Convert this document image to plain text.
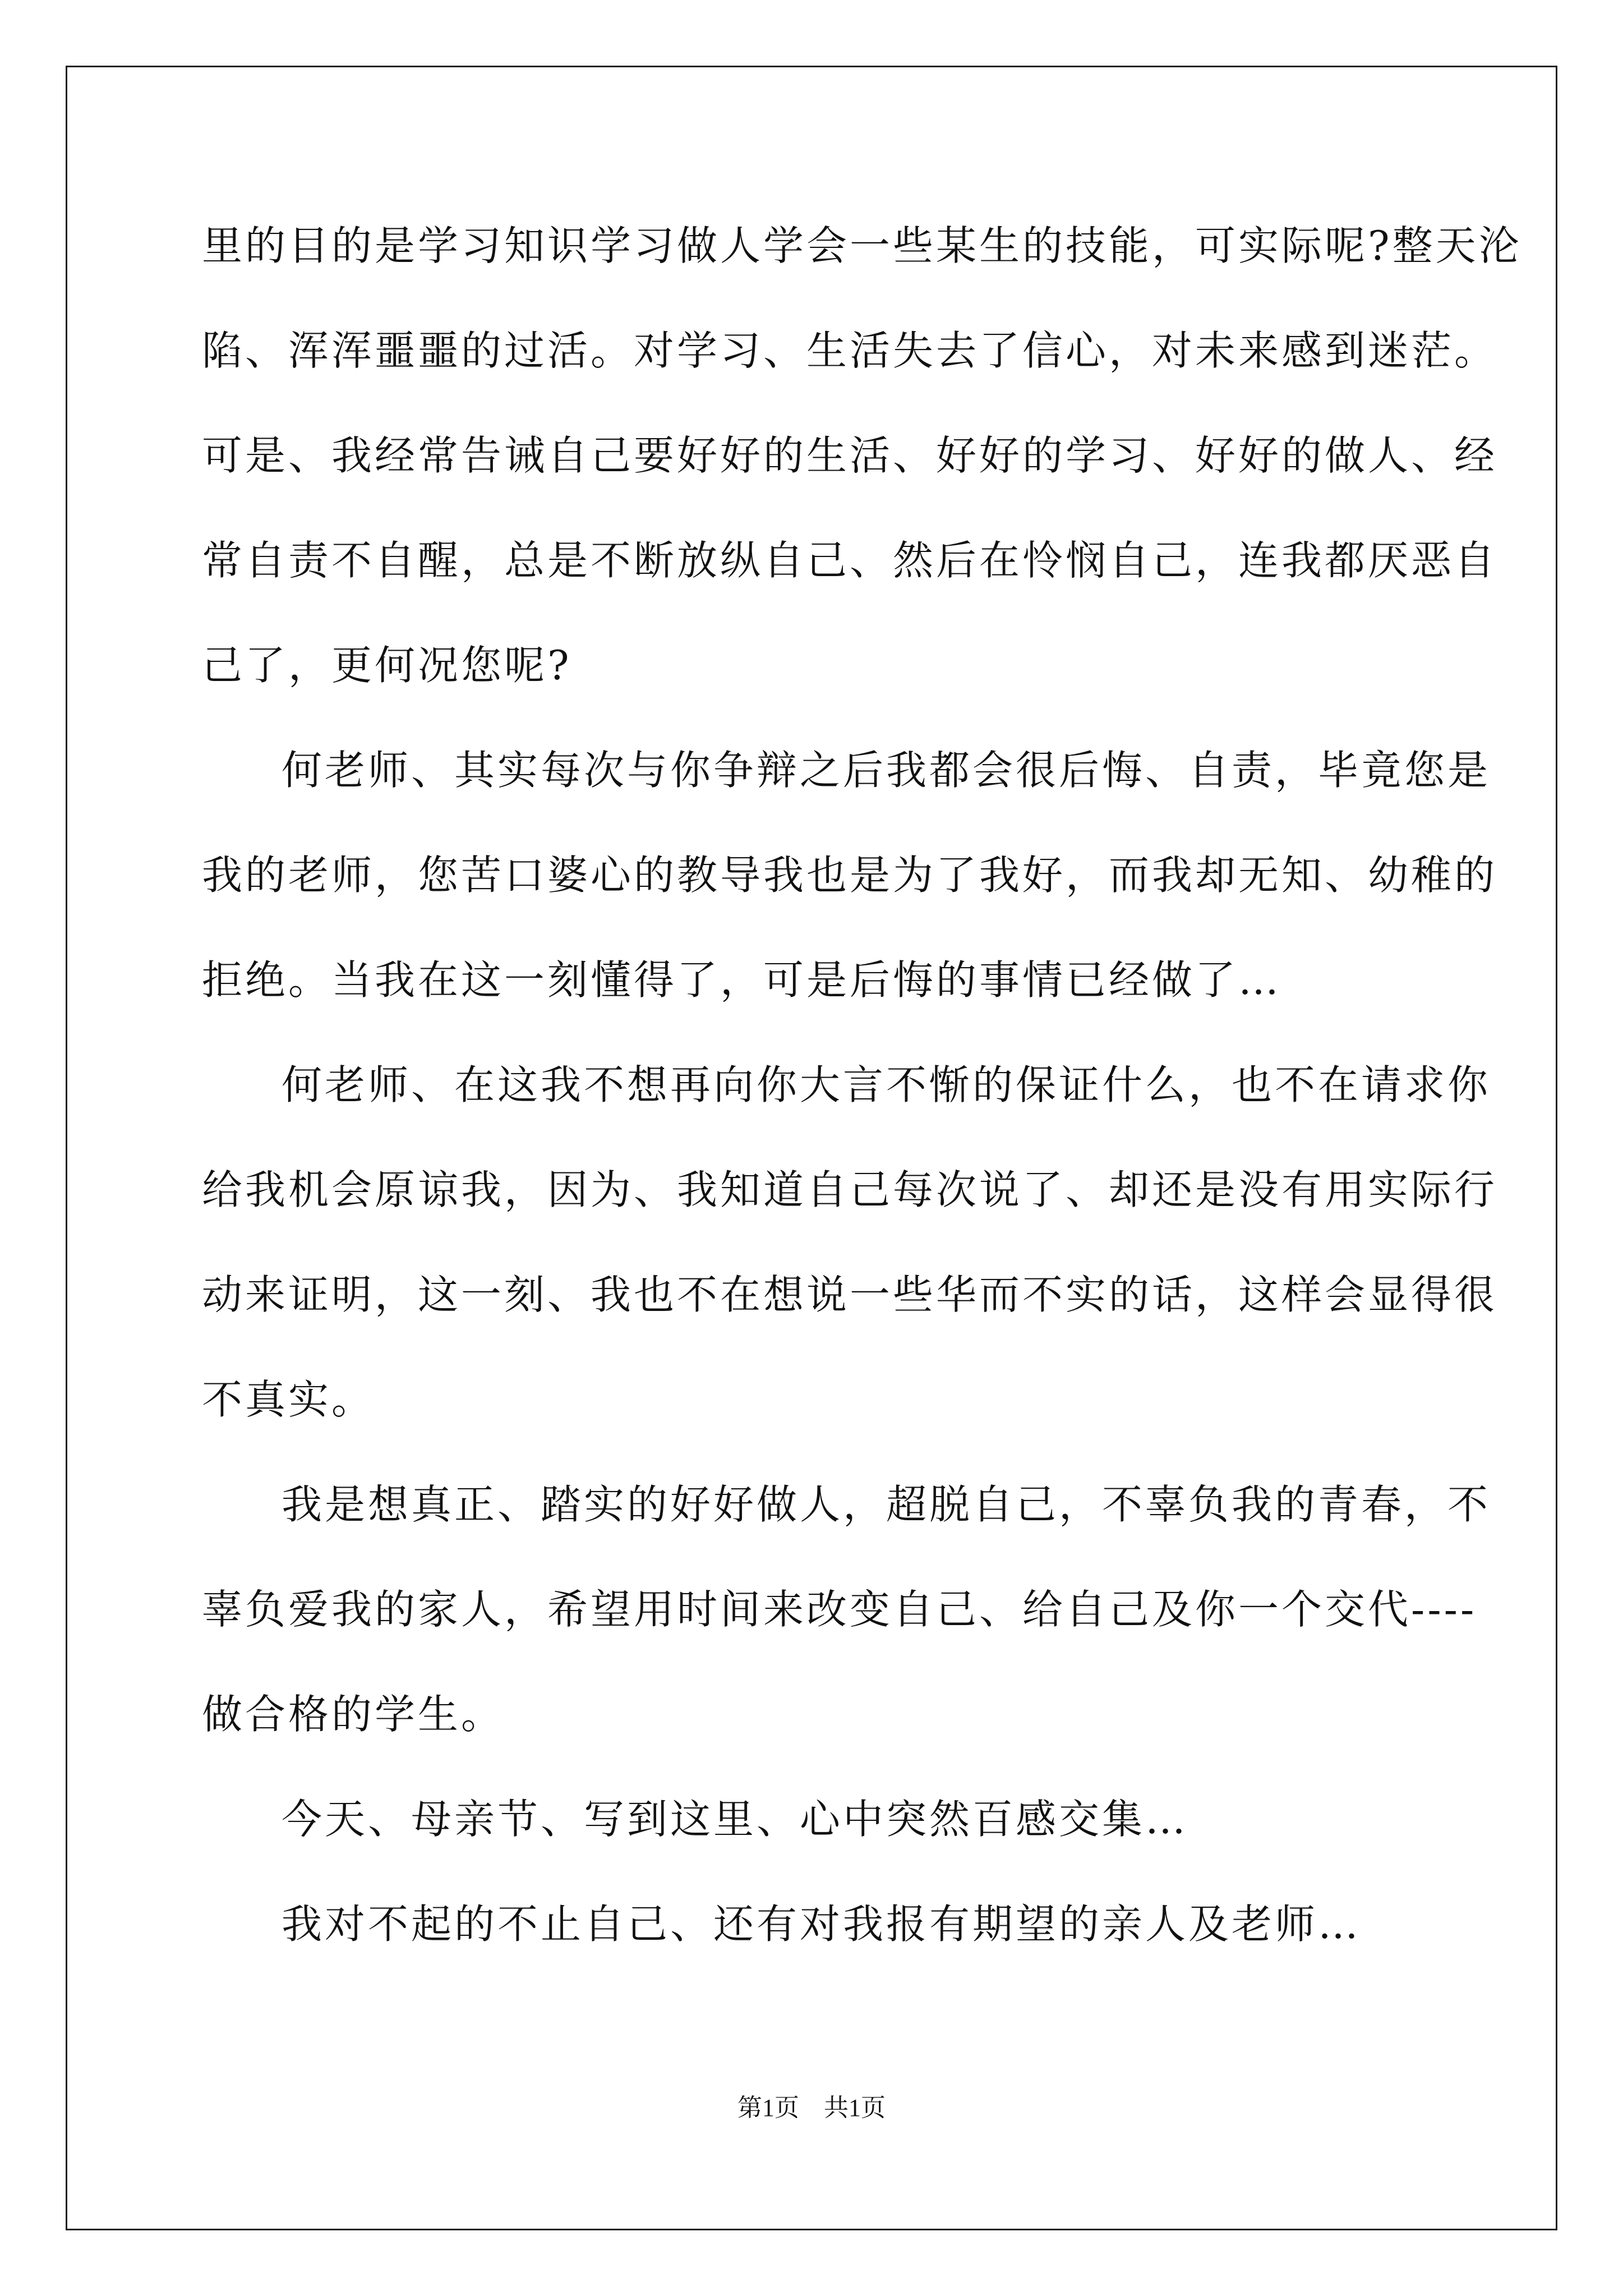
里的目的是学习知识学习做人学会一些某生的技能，可实际呢?整天沦
陷、浑浑噩噩的过活。对学习、生活失去了信心，对未来感到迷茫。
可是、我经常告诫自己要好好的生活、好好的学习、好好的做人、经
常自责不自醒，总是不断放纵自己、然后在怜悯自己，连我都厌恶自
己了，更何况您呢?
何老师、其实每次与你争辩之后我都会很后悔、自责，毕竟您是
我的老师，您苦口婆心的教导我也是为了我好，而我却无知、幼稚的
拒绝。当我在这一刻懂得了，可是后悔的事情已经做了…
何老师、在这我不想再向你大言不惭的保证什么，也不在请求你
给我机会原谅我，因为、我知道自己每次说了、却还是没有用实际行
动来证明，这一刻、我也不在想说一些华而不实的话，这样会显得很
不真实。
我是想真正、踏实的好好做人，超脱自己，不辜负我的青春，不
辜负爱我的家人，希望用时间来改变自己、给自己及你一个交代----
做合格的学生。
今天、母亲节、写到这里、心中突然百感交集…
我对不起的不止自己、还有对我报有期望的亲人及老师…
第1页　共1页
